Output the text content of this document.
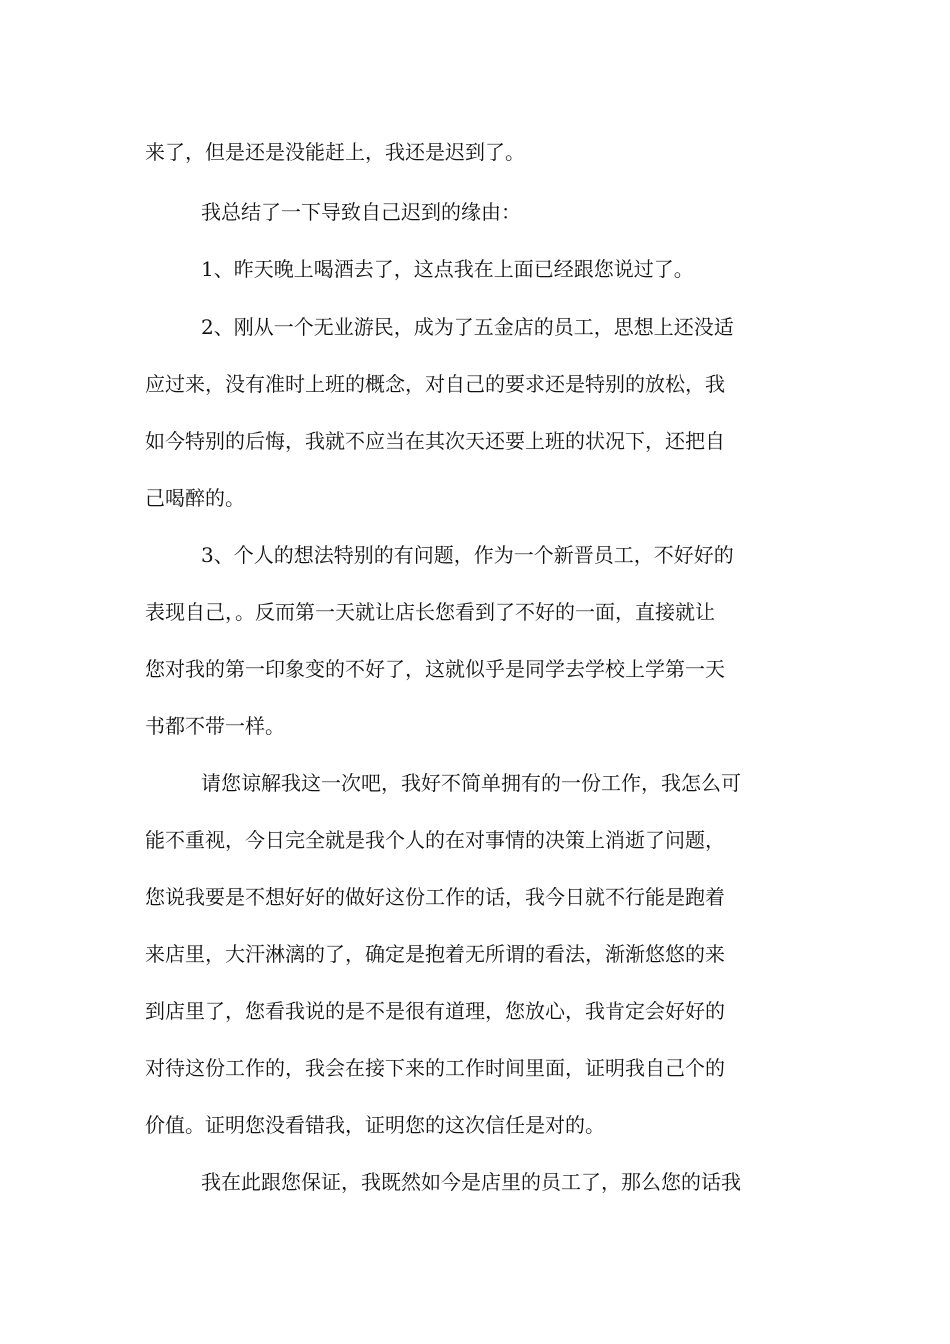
来了，但是还是没能赶上，我还是迟到了。
我总结了一下导致自己迟到的缘由：
1、昨天晚上喝酒去了，这点我在上面已经跟您说过了。
2、刚从一个无业游民，成为了五金店的员工，思想上还没适
应过来，没有准时上班的概念，对自己的要求还是特别的放松，我
如今特别的后悔，我就不应当在其次天还要上班的状况下，还把自
己喝醉的。
3、个人的想法特别的有问题，作为一个新晋员工，不好好的
表现自己，。反而第一天就让店长您看到了不好的一面，直接就让
您对我的第一印象变的不好了，这就似乎是同学去学校上学第一天
书都不带一样。
请您谅解我这一次吧，我好不简单拥有的一份工作，我怎么可
能不重视，今日完全就是我个人的在对事情的决策上消逝了问题，
您说我要是不想好好的做好这份工作的话，我今日就不行能是跑着
来店里，大汗淋漓的了，确定是抱着无所谓的看法，渐渐悠悠的来
到店里了，您看我说的是不是很有道理，您放心，我肯定会好好的
对待这份工作的，我会在接下来的工作时间里面，证明我自己个的
价值。证明您没看错我，证明您的这次信任是对的。
我在此跟您保证，我既然如今是店里的员工了，那么您的话我
